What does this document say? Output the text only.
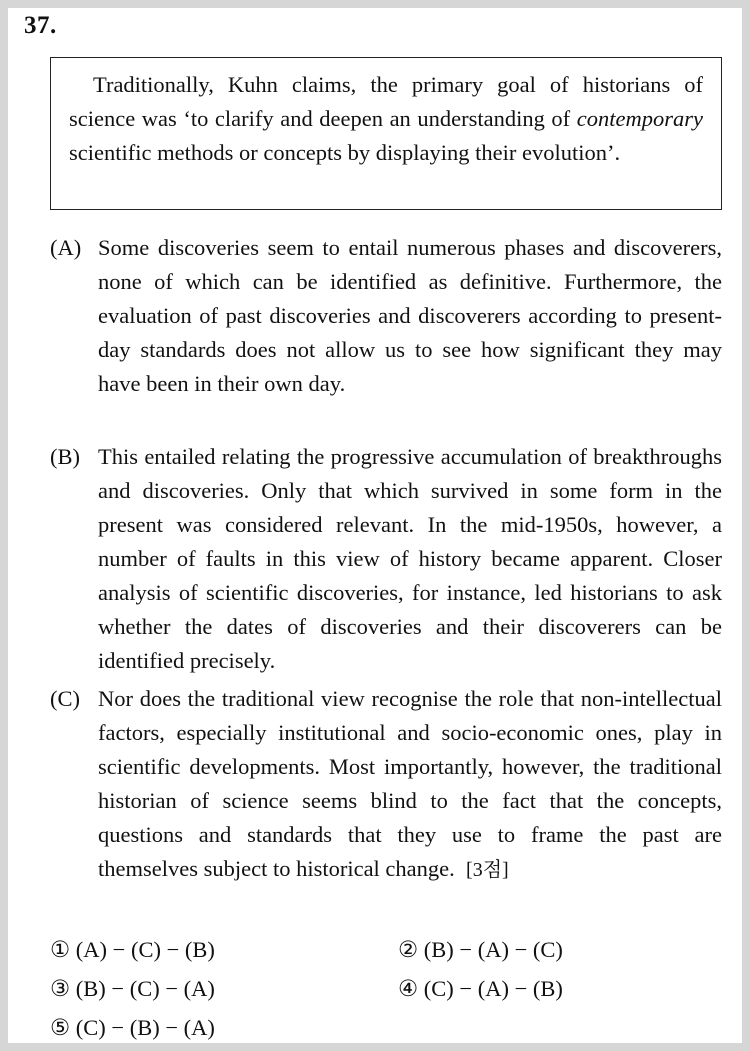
37.
Traditionally, Kuhn claims, the primary goal of historians of science was ‘to clarify and deepen an understanding of contemporary scientific methods or concepts by displaying their evolution’.
(A) Some discoveries seem to entail numerous phases and discoverers, none of which can be identified as definitive. Furthermore, the evaluation of past discoveries and discoverers according to present-day standards does not allow us to see how significant they may have been in their own day.
(B) This entailed relating the progressive accumulation of breakthroughs and discoveries. Only that which survived in some form in the present was considered relevant. In the mid-1950s, however, a number of faults in this view of history became apparent. Closer analysis of scientific discoveries, for instance, led historians to ask whether the dates of discoveries and their discoverers can be identified precisely.
(C) Nor does the traditional view recognise the role that non-intellectual factors, especially institutional and socio-economic ones, play in scientific developments. Most importantly, however, the traditional historian of science seems blind to the fact that the concepts, questions and standards that they use to frame the past are themselves subject to historical change. [3점]
① (A) − (C) − (B)	② (B) − (A) − (C)
③ (B) − (C) − (A)	④ (C) − (A) − (B)
⑤ (C) − (B) − (A)
